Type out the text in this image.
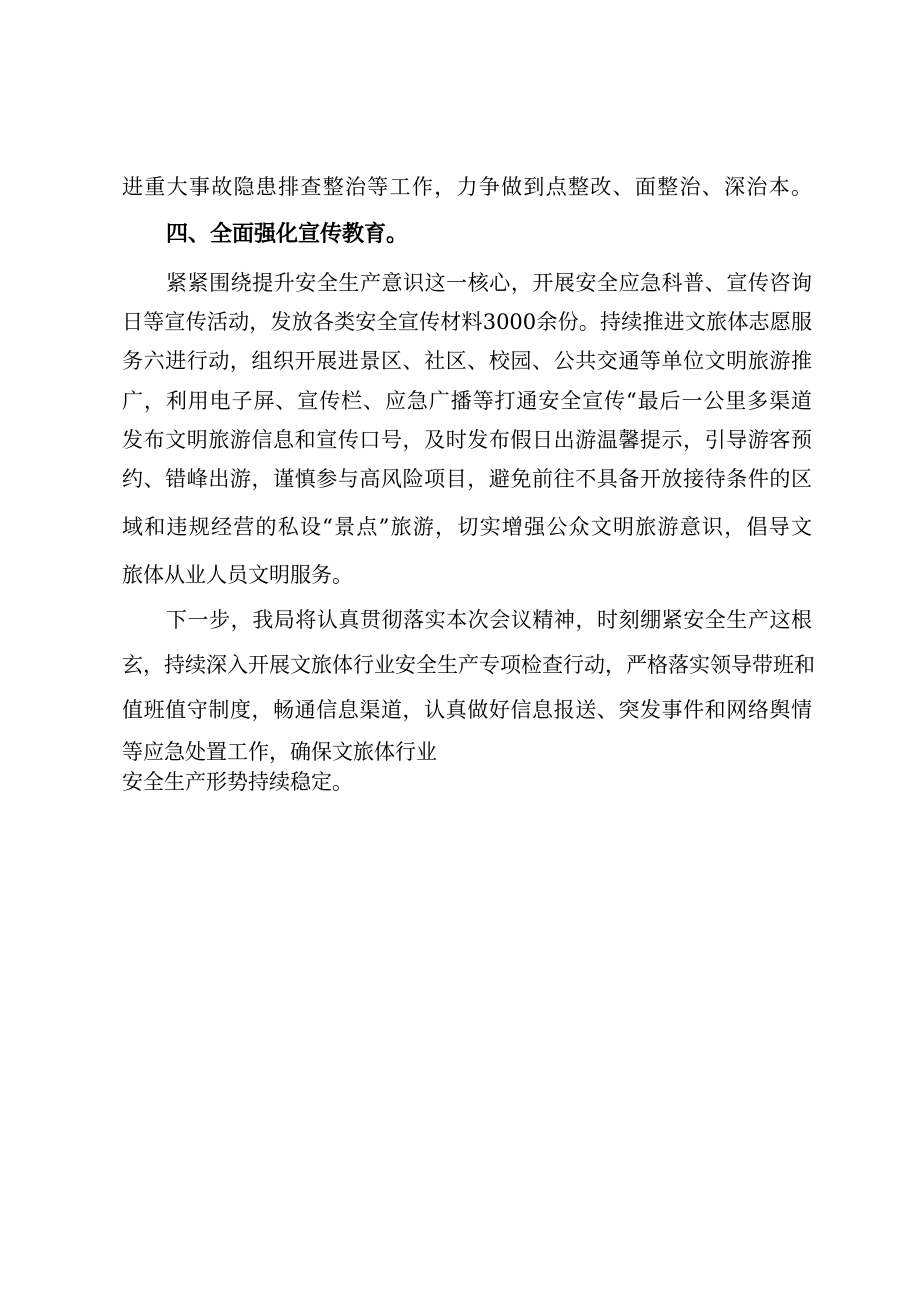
进重大事故隐患排查整治等工作，力争做到点整改、面整治、深治本。
四、全面强化宣传教育。
紧紧围绕提升安全生产意识这一核心，开展安全应急科普、宣传咨询
日等宣传活动，发放各类安全宣传材料3000余份。持续推进文旅体志愿服
务六进行动，组织开展进景区、社区、校园、公共交通等单位文明旅游推
广，利用电子屏、宣传栏、应急广播等打通安全宣传“最后一公里多渠道
发布文明旅游信息和宣传口号，及时发布假日出游温馨提示，引导游客预
约、错峰出游，谨慎参与高风险项目，避免前往不具备开放接待条件的区
域和违规经营的私设“景点”旅游，切实增强公众文明旅游意识，倡导文
旅体从业人员文明服务。
下一步，我局将认真贯彻落实本次会议精神，时刻绷紧安全生产这根
玄，持续深入开展文旅体行业安全生产专项检查行动，严格落实领导带班和
值班值守制度，畅通信息渠道，认真做好信息报送、突发事件和网络舆情
等应急处置工作，确保文旅体行业
安全生产形势持续稳定。
